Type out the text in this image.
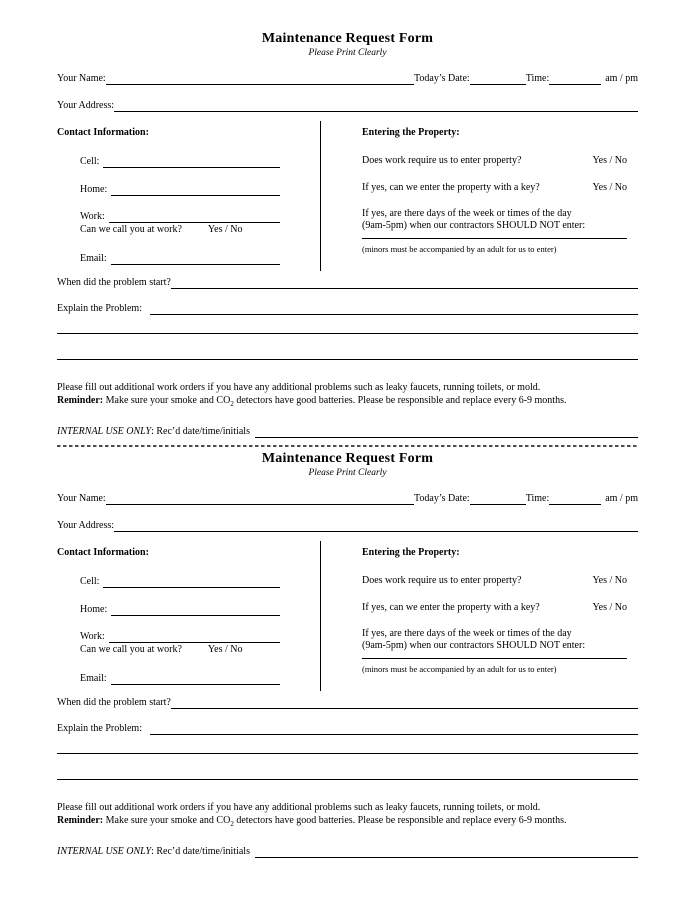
Maintenance Request Form
Please Print Clearly
Your Name:	Today’s Date:	Time:	am / pm
Your Address:
Contact Information:
Cell:
Home:
Work:
Can we call you at work?	Yes / No
Email:
Entering the Property:
Does work require us to enter property?	Yes / No
If yes, can we enter the property with a key?	Yes / No
If yes, are there days of the week or times of the day
(9am-5pm) when our contractors SHOULD NOT enter:
(minors must be accompanied by an adult for us to enter)
When did the problem start?
Explain the Problem:
Please fill out additional work orders if you have any additional problems such as leaky faucets, running toilets, or mold.
Reminder: Make sure your smoke and $CO_2$ detectors have good batteries. Please be responsible and replace every 6-9 months.
INTERNAL USE ONLY : Rec’d date/time/initials
Maintenance Request Form
Please Print Clearly
Your Name:	Today’s Date:	Time:	am / pm
Your Address:
Contact Information:
Cell:
Home:
Work:
Can we call you at work?	Yes / No
Email:
Entering the Property:
Does work require us to enter property?	Yes / No
If yes, can we enter the property with a key?	Yes / No
If yes, are there days of the week or times of the day
(9am-5pm) when our contractors SHOULD NOT enter:
(minors must be accompanied by an adult for us to enter)
When did the problem start?
Explain the Problem:
Please fill out additional work orders if you have any additional problems such as leaky faucets, running toilets, or mold.
Reminder: Make sure your smoke and $CO_2$ detectors have good batteries. Please be responsible and replace every 6-9 months.
INTERNAL USE ONLY : Rec’d date/time/initials
